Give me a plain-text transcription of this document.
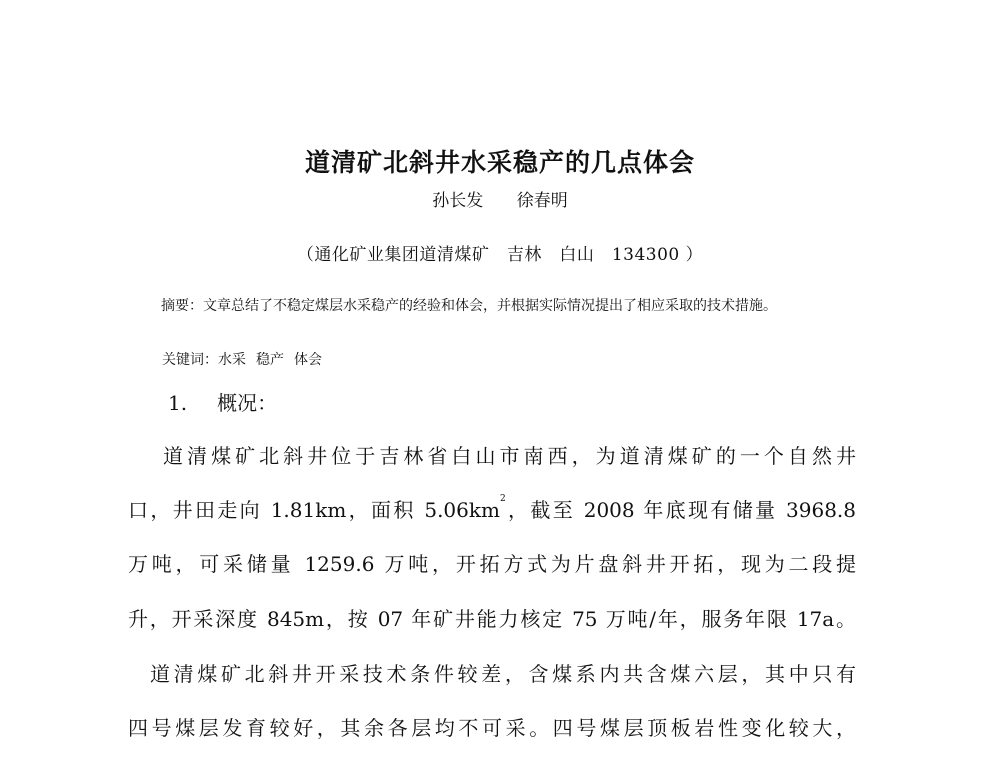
道清矿北斜井水采稳产的几点体会
孙长发 徐春明
（通化矿业集团道清煤矿　吉林　白山　134300 ）
摘要：文章总结了不稳定煤层水采稳产的经验和体会，并根据实际情况提出了相应采取的技术措施。
关键词：水采 稳产 体会
1. 概况：
道清煤矿北斜井位于吉林省白山市南西，为道清煤矿的一个自然井
口，井田走向 1.81km，面积 $5.06km^2$，截至 2008 年底现有储量 3968.8
万吨，可采储量 1259.6 万吨，开拓方式为片盘斜井开拓，现为二段提
升，开采深度 845m，按 07 年矿井能力核定 75 万吨/年，服务年限 17a。
道清煤矿北斜井开采技术条件较差，含煤系内共含煤六层，其中只有
四号煤层发育较好，其余各层均不可采。四号煤层顶板岩性变化较大，
